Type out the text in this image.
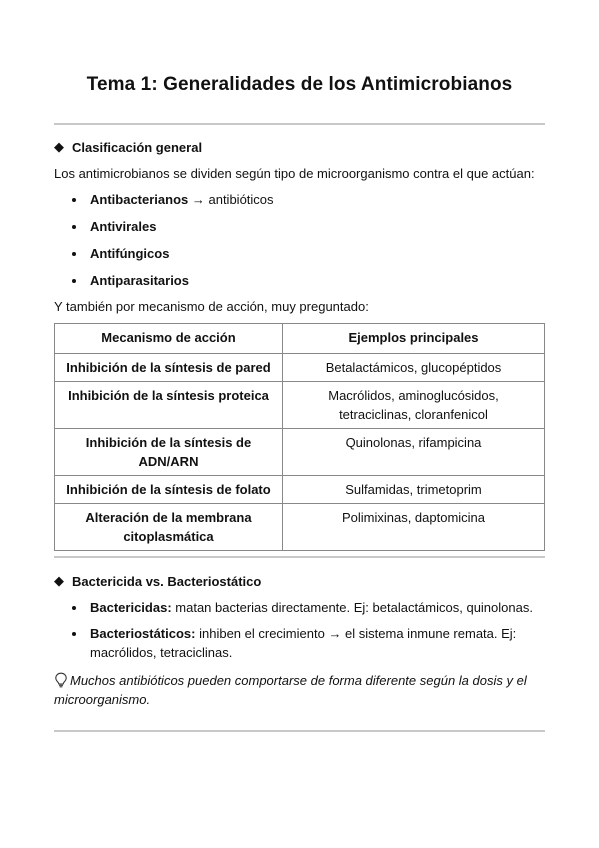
Tema 1: Generalidades de los Antimicrobianos
◆ Clasificación general
Los antimicrobianos se dividen según tipo de microorganismo contra el que actúan:
Antibacterianos → antibióticos
Antivirales
Antifúngicos
Antiparasitarios
Y también por mecanismo de acción, muy preguntado:
Mecanismo de acción	Ejemplos principales
Inhibición de la síntesis de pared	Betalactámicos, glucopéptidos
Inhibición de la síntesis proteica	Macrólidos, aminoglucósidos, tetraciclinas, cloranfenicol
Inhibición de la síntesis de ADN/ARN	Quinolonas, rifampicina
Inhibición de la síntesis de folato	Sulfamidas, trimetoprim
Alteración de la membrana citoplasmática	Polimixinas, daptomicina
◆ Bactericida vs. Bacteriostático
Bactericidas: matan bacterias directamente. Ej: betalactámicos, quinolonas.
Bacteriostáticos: inhiben el crecimiento → el sistema inmune remata. Ej: macrólidos, tetraciclinas.
Muchos antibióticos pueden comportarse de forma diferente según la dosis y el microorganismo.
